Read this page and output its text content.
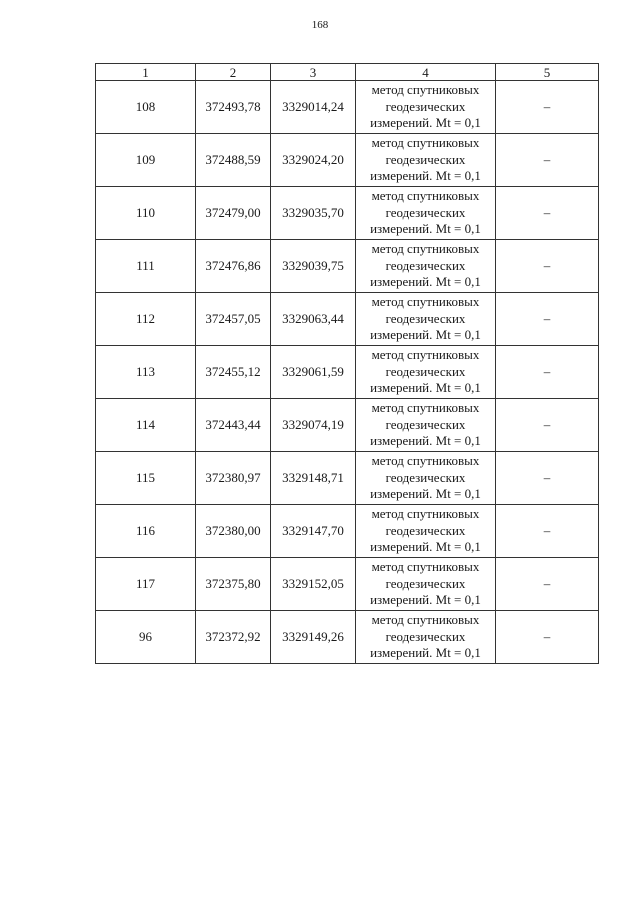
168
1	2	3	4	5
108	372493,78	3329014,24	метод спутниковых
геодезических
измерений. Mt = 0,1	–
109	372488,59	3329024,20	метод спутниковых
геодезических
измерений. Mt = 0,1	–
110	372479,00	3329035,70	метод спутниковых
геодезических
измерений. Mt = 0,1	–
111	372476,86	3329039,75	метод спутниковых
геодезических
измерений. Mt = 0,1	–
112	372457,05	3329063,44	метод спутниковых
геодезических
измерений. Mt = 0,1	–
113	372455,12	3329061,59	метод спутниковых
геодезических
измерений. Mt = 0,1	–
114	372443,44	3329074,19	метод спутниковых
геодезических
измерений. Mt = 0,1	–
115	372380,97	3329148,71	метод спутниковых
геодезических
измерений. Mt = 0,1	–
116	372380,00	3329147,70	метод спутниковых
геодезических
измерений. Mt = 0,1	–
117	372375,80	3329152,05	метод спутниковых
геодезических
измерений. Mt = 0,1	–
96	372372,92	3329149,26	метод спутниковых
геодезических
измерений. Mt = 0,1	–
